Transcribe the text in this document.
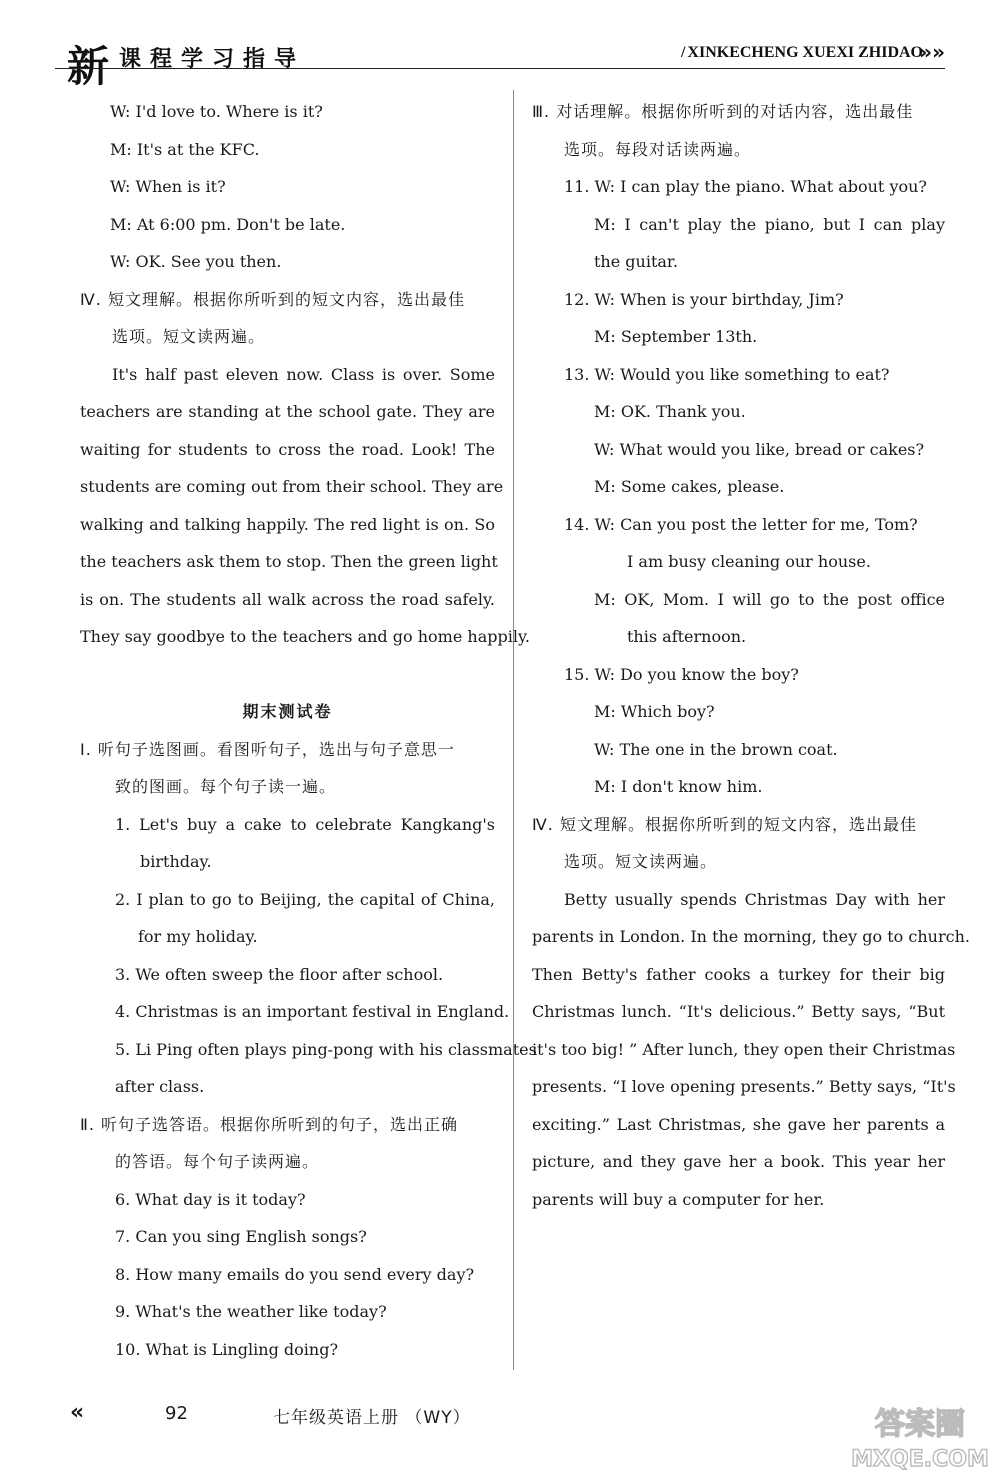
新 课程学习指导
/	XINKECHENG XUEXI ZHIDAO
»»
W: I'd love to. Where is it?
M: It's at the KFC.
W: When is it?
M: At 6:00 pm. Don't be late.
W: OK. See you then.
Ⅳ. 短文理解。根据你所听到的短文内容，选出最佳
选项。短文读两遍。
It's half past eleven now. Class is over. Some
teachers are standing at the school gate. They are
waiting for students to cross the road. Look! The
students are coming out from their school. They are
walking and talking happily. The red light is on. So
the teachers ask them to stop. Then the green light
is on. The students all walk across the road safely.
They say goodbye to the teachers and go home happily.
期末测试卷
Ⅰ. 听句子选图画。看图听句子，选出与句子意思一
致的图画。每个句子读一遍。
1. Let's buy a cake to celebrate Kangkang's
birthday.
2. I plan to go to Beijing, the capital of China,
for my holiday.
3. We often sweep the floor after school.
4. Christmas is an important festival in England.
5. Li Ping often plays ping-pong with his classmates
after class.
Ⅱ. 听句子选答语。根据你所听到的句子，选出正确
的答语。每个句子读两遍。
6. What day is it today?
7. Can you sing English songs?
8. How many emails do you send every day?
9. What's the weather like today?
10. What is Lingling doing?
Ⅲ. 对话理解。根据你所听到的对话内容，选出最佳
选项。每段对话读两遍。
11. W: I can play the piano. What about you?
M: I can't play the piano, but I can play
the guitar.
12. W: When is your birthday, Jim?
M: September 13th.
13. W: Would you like something to eat?
M: OK. Thank you.
W: What would you like, bread or cakes?
M: Some cakes, please.
14. W: Can you post the letter for me, Tom?
I am busy cleaning our house.
M: OK, Mom. I will go to the post office
this afternoon.
15. W: Do you know the boy?
M: Which boy?
W: The one in the brown coat.
M: I don't know him.
Ⅳ. 短文理解。根据你所听到的短文内容，选出最佳
选项。短文读两遍。
Betty usually spends Christmas Day with her
parents in London. In the morning, they go to church.
Then Betty's father cooks a turkey for their big
Christmas lunch. “It's delicious.” Betty says, “But
it's too big! ” After lunch, they open their Christmas
presents. “I love opening presents.” Betty says, “It's
exciting.” Last Christmas, she gave her parents a
picture, and they gave her a book. This year her
parents will buy a computer for her.
«	92	七年级英语上册 （WY）	答案圈
MXQE.COM
